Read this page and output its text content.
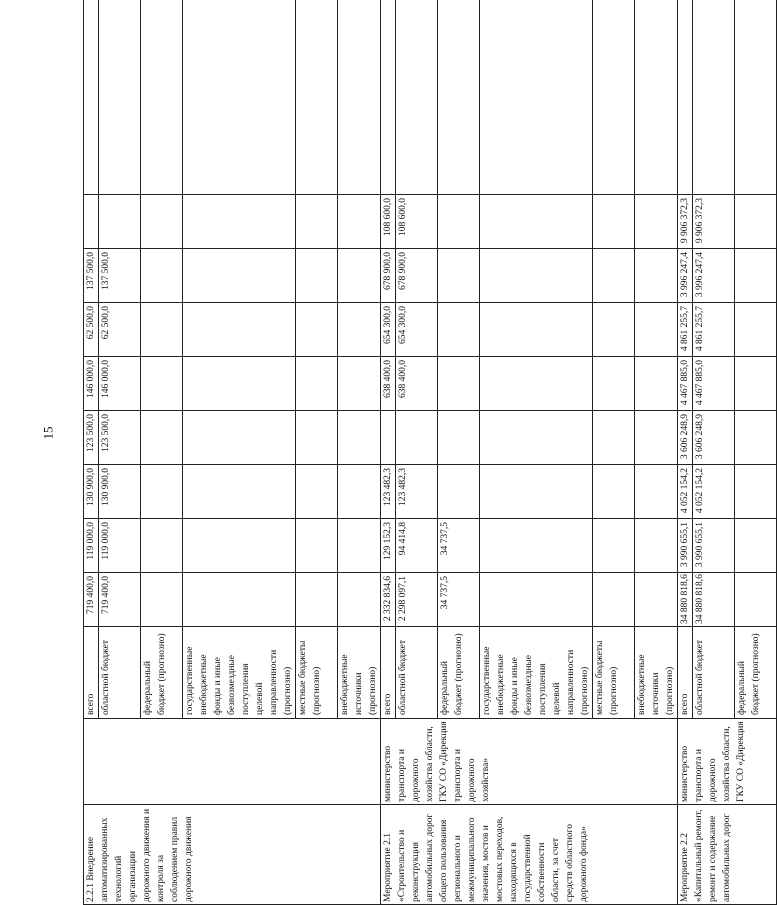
15
2.2.1 Внедрение автоматизированных технологий организации дорожного движения и контроля за соблюдением правил дорожного движения		всего	719 400,0	119 000,0	130 900,0	123 500,0	146 000,0	62 500,0	137 500,0		
		областной бюджет	719 400,0	119 000,0	130 900,0	123 500,0	146 000,0	62 500,0	137 500,0		
		федеральный бюджет (прогнозно)									
		государственные внебюджетные фонды и иные безвозмездные поступления целевой направленности (прогнозно)									
		местные бюджеты (прогнозно)									
		внебюджетные источники (прогнозно)									
Мероприятие 2.1 «Строительство и реконструкция автомобильных дорог общего пользования регионального и межмуниципального значения, мостов и мостовых переходов, находящихся в государственной собственности области, за счет средств областного дорожного фонда»	министерство транспорта и дорожного хозяйства области, ГКУ СО «Дирекция транспорта и дорожного хозяйства»	всего	2 332 834,6	129 152,3	123 482,3		638 400,0	654 300,0	678 900,0	108 600,0	
		областной бюджет	2 298 097,1	94 414,8	123 482,3		638 400,0	654 300,0	678 900,0	108 600,0	
		федеральный бюджет (прогнозно)	34 737,5	34 737,5							
		государственные внебюджетные фонды и иные безвозмездные поступления целевой направленности (прогнозно)									
		местные бюджеты (прогнозно)									
		внебюджетные источники (прогнозно)									
Мероприятие 2.2 «Капитальный ремонт, ремонт и содержание автомобильных дорог	министерство транспорта и дорожного хозяйства области, ГКУ СО «Дирекция	всего	34 880 818,6	3 990 655,1	4 052 154,2	3 606 248,9	4 467 885,0	4 861 255,7	3 996 247,4	9 906 372,3	
		областной бюджет	34 880 818,6	3 990 655,1	4 052 154,2	3 606 248,9	4 467 885,0	4 861 255,7	3 996 247,4	9 906 372,3	
		федеральный бюджет (прогнозно)									
